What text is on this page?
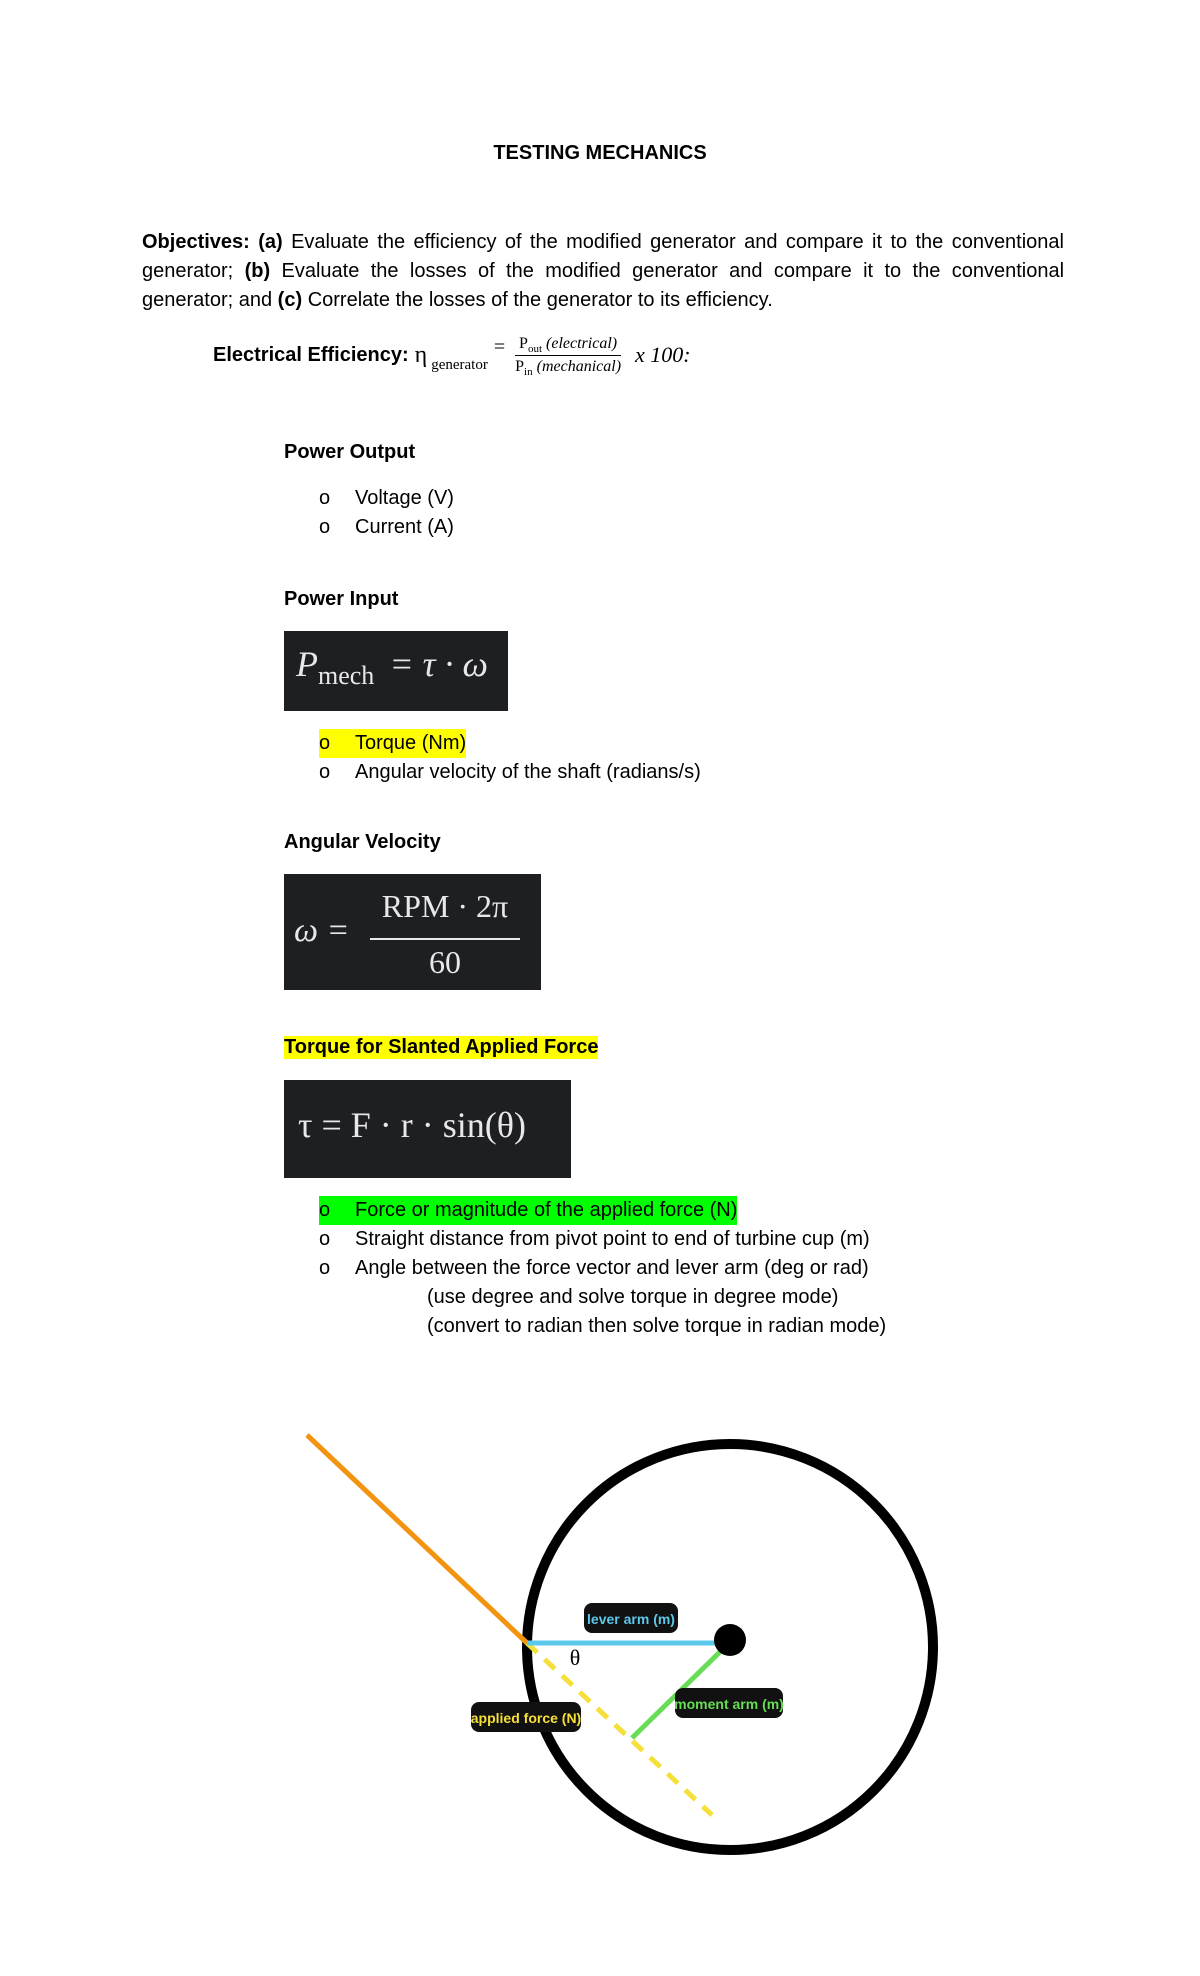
TESTING MECHANICS
Objectives: (a) Evaluate the efficiency of the modified generator and compare it to the conventional generator; (b) Evaluate the losses of the modified generator and compare it to the conventional generator; and (c) Correlate the losses of the generator to its efficiency.
Electrical Efficiency: η generator
= $\frac{P_{out} (electrical)}{P_{in} (mechanical)}$ x 100:
Power Output
o	Voltage (V)
o	Current (A)
Power Input
$P_{mech} = \tau \cdot \omega$
o	Torque (Nm)
o	Angular velocity of the shaft (radians/s)
Angular Velocity
ω =
RPM · 2π
60
Torque for Slanted Applied Force
τ = F · r · sin(θ)
o	Force or magnitude of the applied force (N)
o	Straight distance from pivot point to end of turbine cup (m)
o	Angle between the force vector and lever arm (deg or rad)
(use degree and solve torque in degree mode)
(convert to radian then solve torque in radian mode)
lever arm (m)
θ
moment arm (m)
applied force (N)
